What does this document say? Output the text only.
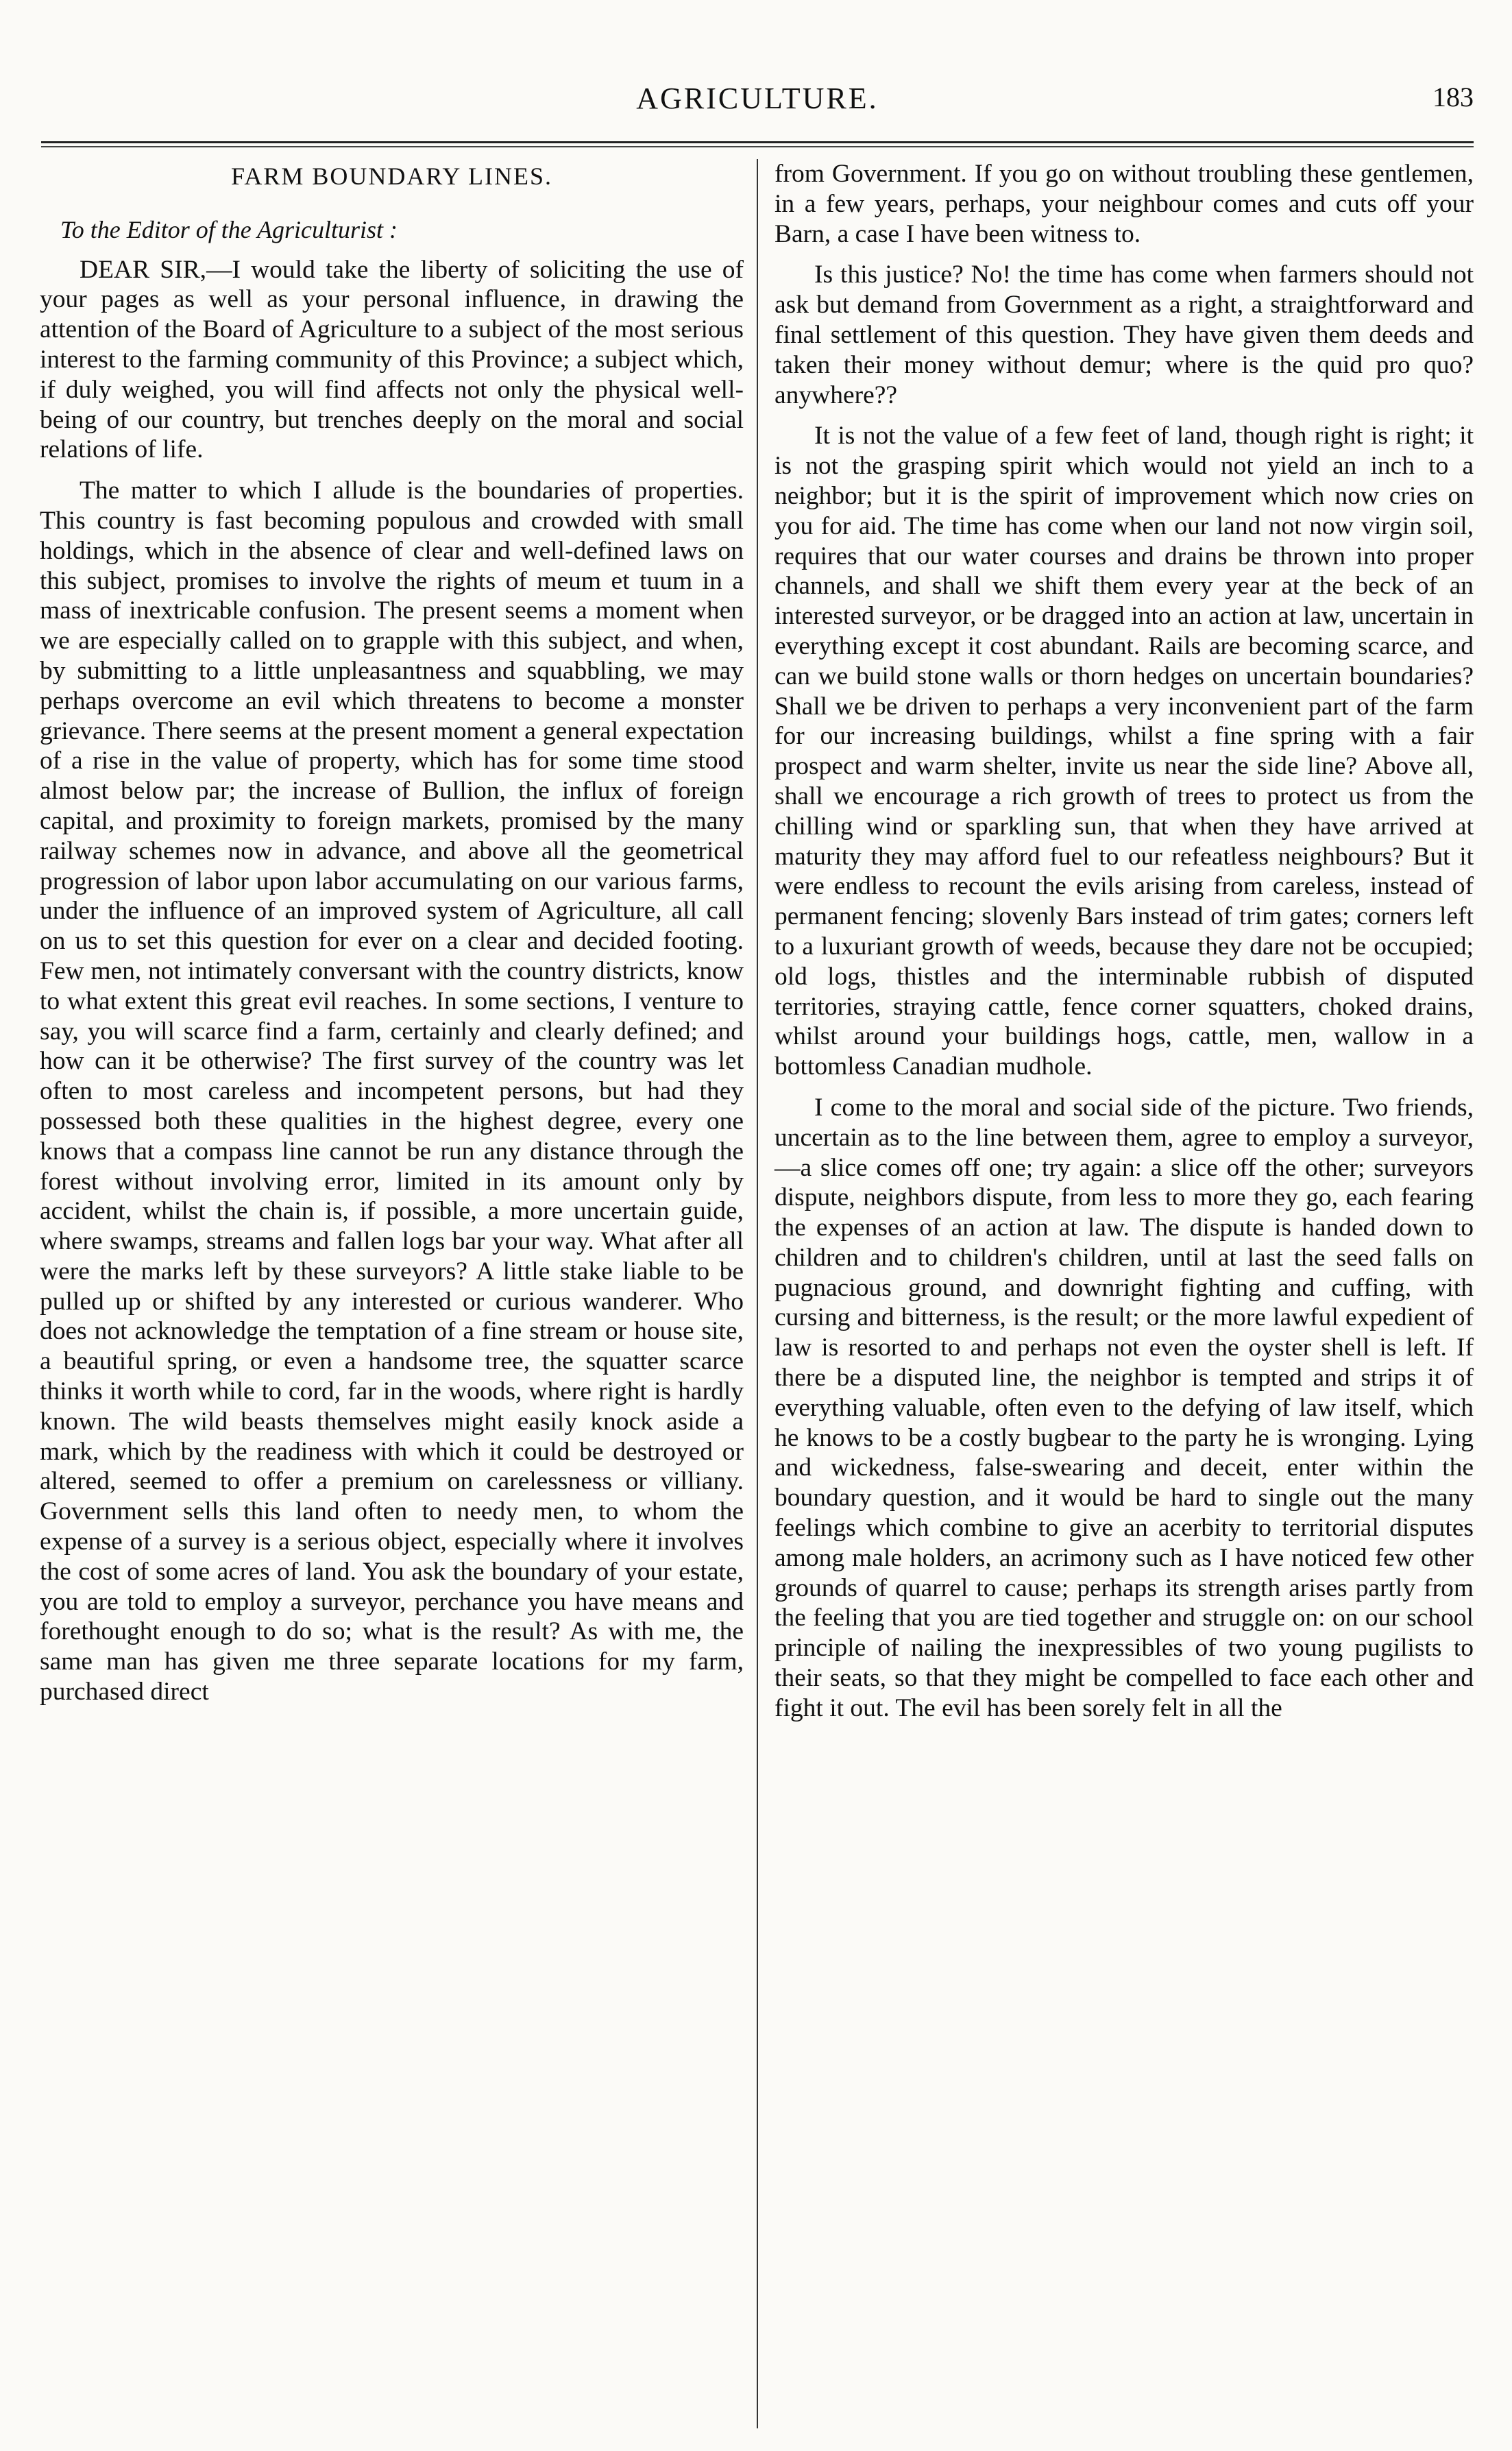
AGRICULTURE.	183
FARM BOUNDARY LINES.
To the Editor of the Agriculturist :

DEAR SIR,—I would take the liberty of soliciting the use of your pages as well as your personal influence, in drawing the attention of the Board of Agriculture to a subject of the most serious interest to the farming community of this Province; a subject which, if duly weighed, you will find affects not only the physical well-being of our country, but trenches deeply on the moral and social relations of life.

The matter to which I allude is the boundaries of properties. This country is fast becoming populous and crowded with small holdings, which in the absence of clear and well-defined laws on this subject, promises to involve the rights of meum et tuum in a mass of inextricable confusion. The present seems a moment when we are especially called on to grapple with this subject, and when, by submitting to a little unpleasantness and squabbling, we may perhaps overcome an evil which threatens to become a monster grievance. There seems at the present moment a general expectation of a rise in the value of property, which has for some time stood almost below par; the increase of Bullion, the influx of foreign capital, and proximity to foreign markets, promised by the many railway schemes now in advance, and above all the geometrical progression of labor upon labor accumulating on our various farms, under the influence of an improved system of Agriculture, all call on us to set this question for ever on a clear and decided footing. Few men, not intimately conversant with the country districts, know to what extent this great evil reaches. In some sections, I venture to say, you will scarce find a farm, certainly and clearly defined; and how can it be otherwise? The first survey of the country was let often to most careless and incompetent persons, but had they possessed both these qualities in the highest degree, every one knows that a compass line cannot be run any distance through the forest without involving error, limited in its amount only by accident, whilst the chain is, if possible, a more uncertain guide, where swamps, streams and fallen logs bar your way. What after all were the marks left by these surveyors? A little stake liable to be pulled up or shifted by any interested or curious wanderer. Who does not acknowledge the temptation of a fine stream or house site, a beautiful spring, or even a handsome tree, the squatter scarce thinks it worth while to cord, far in the woods, where right is hardly known. The wild beasts themselves might easily knock aside a mark, which by the readiness with which it could be destroyed or altered, seemed to offer a premium on carelessness or villiany. Government sells this land often to needy men, to whom the expense of a survey is a serious object, especially where it involves the cost of some acres of land. You ask the boundary of your estate, you are told to employ a surveyor, perchance you have means and forethought enough to do so; what is the result? As with me, the same man has given me three separate locations for my farm, purchased direct

from Government. If you go on without troubling these gentlemen, in a few years, perhaps, your neighbour comes and cuts off your Barn, a case I have been witness to.

Is this justice? No! the time has come when farmers should not ask but demand from Government as a right, a straightforward and final settlement of this question. They have given them deeds and taken their money without demur; where is the quid pro quo? anywhere??

It is not the value of a few feet of land, though right is right; it is not the grasping spirit which would not yield an inch to a neighbor; but it is the spirit of improvement which now cries on you for aid. The time has come when our land not now virgin soil, requires that our water courses and drains be thrown into proper channels, and shall we shift them every year at the beck of an interested surveyor, or be dragged into an action at law, uncertain in everything except it cost abundant. Rails are becoming scarce, and can we build stone walls or thorn hedges on uncertain boundaries? Shall we be driven to perhaps a very inconvenient part of the farm for our increasing buildings, whilst a fine spring with a fair prospect and warm shelter, invite us near the side line? Above all, shall we encourage a rich growth of trees to protect us from the chilling wind or sparkling sun, that when they have arrived at maturity they may afford fuel to our refeatless neighbours? But it were endless to recount the evils arising from careless, instead of permanent fencing; slovenly Bars instead of trim gates; corners left to a luxuriant growth of weeds, because they dare not be occupied; old logs, thistles and the interminable rubbish of disputed territories, straying cattle, fence corner squatters, choked drains, whilst around your buildings hogs, cattle, men, wallow in a bottomless Canadian mudhole.

I come to the moral and social side of the picture. Two friends, uncertain as to the line between them, agree to employ a surveyor,—a slice comes off one; try again: a slice off the other; surveyors dispute, neighbors dispute, from less to more they go, each fearing the expenses of an action at law. The dispute is handed down to children and to children's children, until at last the seed falls on pugnacious ground, and downright fighting and cuffing, with cursing and bitterness, is the result; or the more lawful expedient of law is resorted to and perhaps not even the oyster shell is left. If there be a disputed line, the neighbor is tempted and strips it of everything valuable, often even to the defying of law itself, which he knows to be a costly bugbear to the party he is wronging. Lying and wickedness, false-swearing and deceit, enter within the boundary question, and it would be hard to single out the many feelings which combine to give an acerbity to territorial disputes among male holders, an acrimony such as I have noticed few other grounds of quarrel to cause; perhaps its strength arises partly from the feeling that you are tied together and struggle on: on our school principle of nailing the inexpressibles of two young pugilists to their seats, so that they might be compelled to face each other and fight it out. The evil has been sorely felt in all the
